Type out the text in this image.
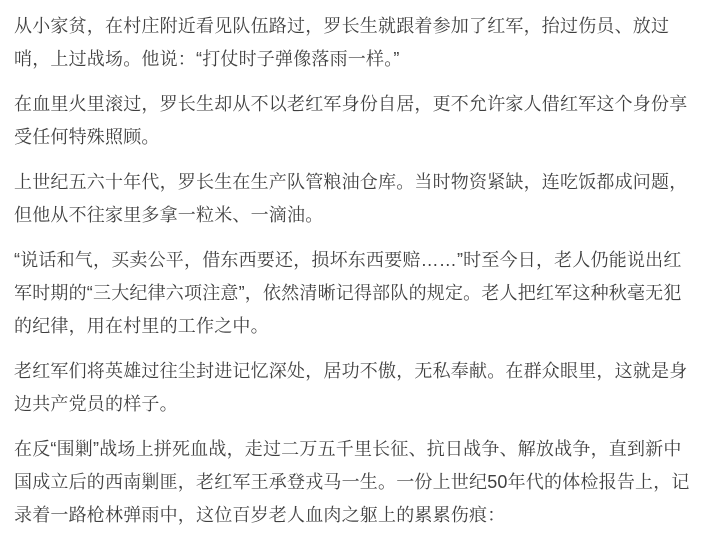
从小家贫，在村庄附近看见队伍路过，罗长生就跟着参加了红军，抬过伤员、放过哨，上过战场。他说：“打仗时子弹像落雨一样。”

在血里火里滚过，罗长生却从不以老红军身份自居，更不允许家人借红军这个身份享受任何特殊照顾。

上世纪五六十年代，罗长生在生产队管粮油仓库。当时物资紧缺，连吃饭都成问题，但他从不往家里多拿一粒米、一滴油。

“说话和气，买卖公平，借东西要还，损坏东西要赔……”时至今日，老人仍能说出红军时期的“三大纪律六项注意”，依然清晰记得部队的规定。老人把红军这种秋毫无犯的纪律，用在村里的工作之中。

老红军们将英雄过往尘封进记忆深处，居功不傲，无私奉献。在群众眼里，这就是身边共产党员的样子。

在反“围剿”战场上拼死血战，走过二万五千里长征、抗日战争、解放战争，直到新中国成立后的西南剿匪，老红军王承登戎马一生。一份上世纪50年代的体检报告上，记录着一路枪林弹雨中，这位百岁老人血肉之躯上的累累伤痕：
